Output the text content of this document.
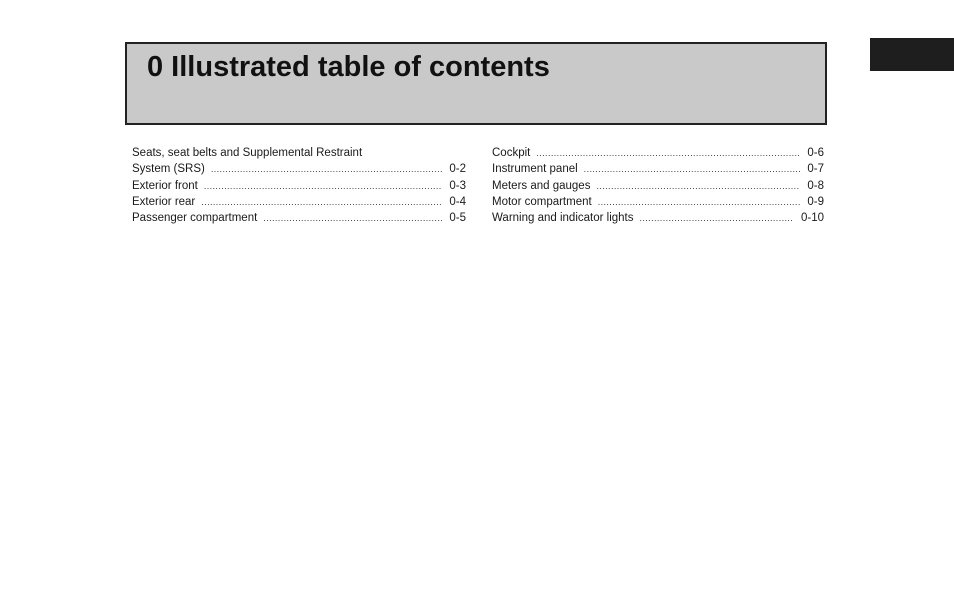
0 Illustrated table of contents
Seats, seat belts and Supplemental Restraint
System (SRS) .....	0-2
Exterior front .....	0-3
Exterior rear .....	0-4
Passenger compartment .....	0-5
Cockpit .....	0-6
Instrument panel .....	0-7
Meters and gauges .....	0-8
Motor compartment .....	0-9
Warning and indicator lights .....	0-10
